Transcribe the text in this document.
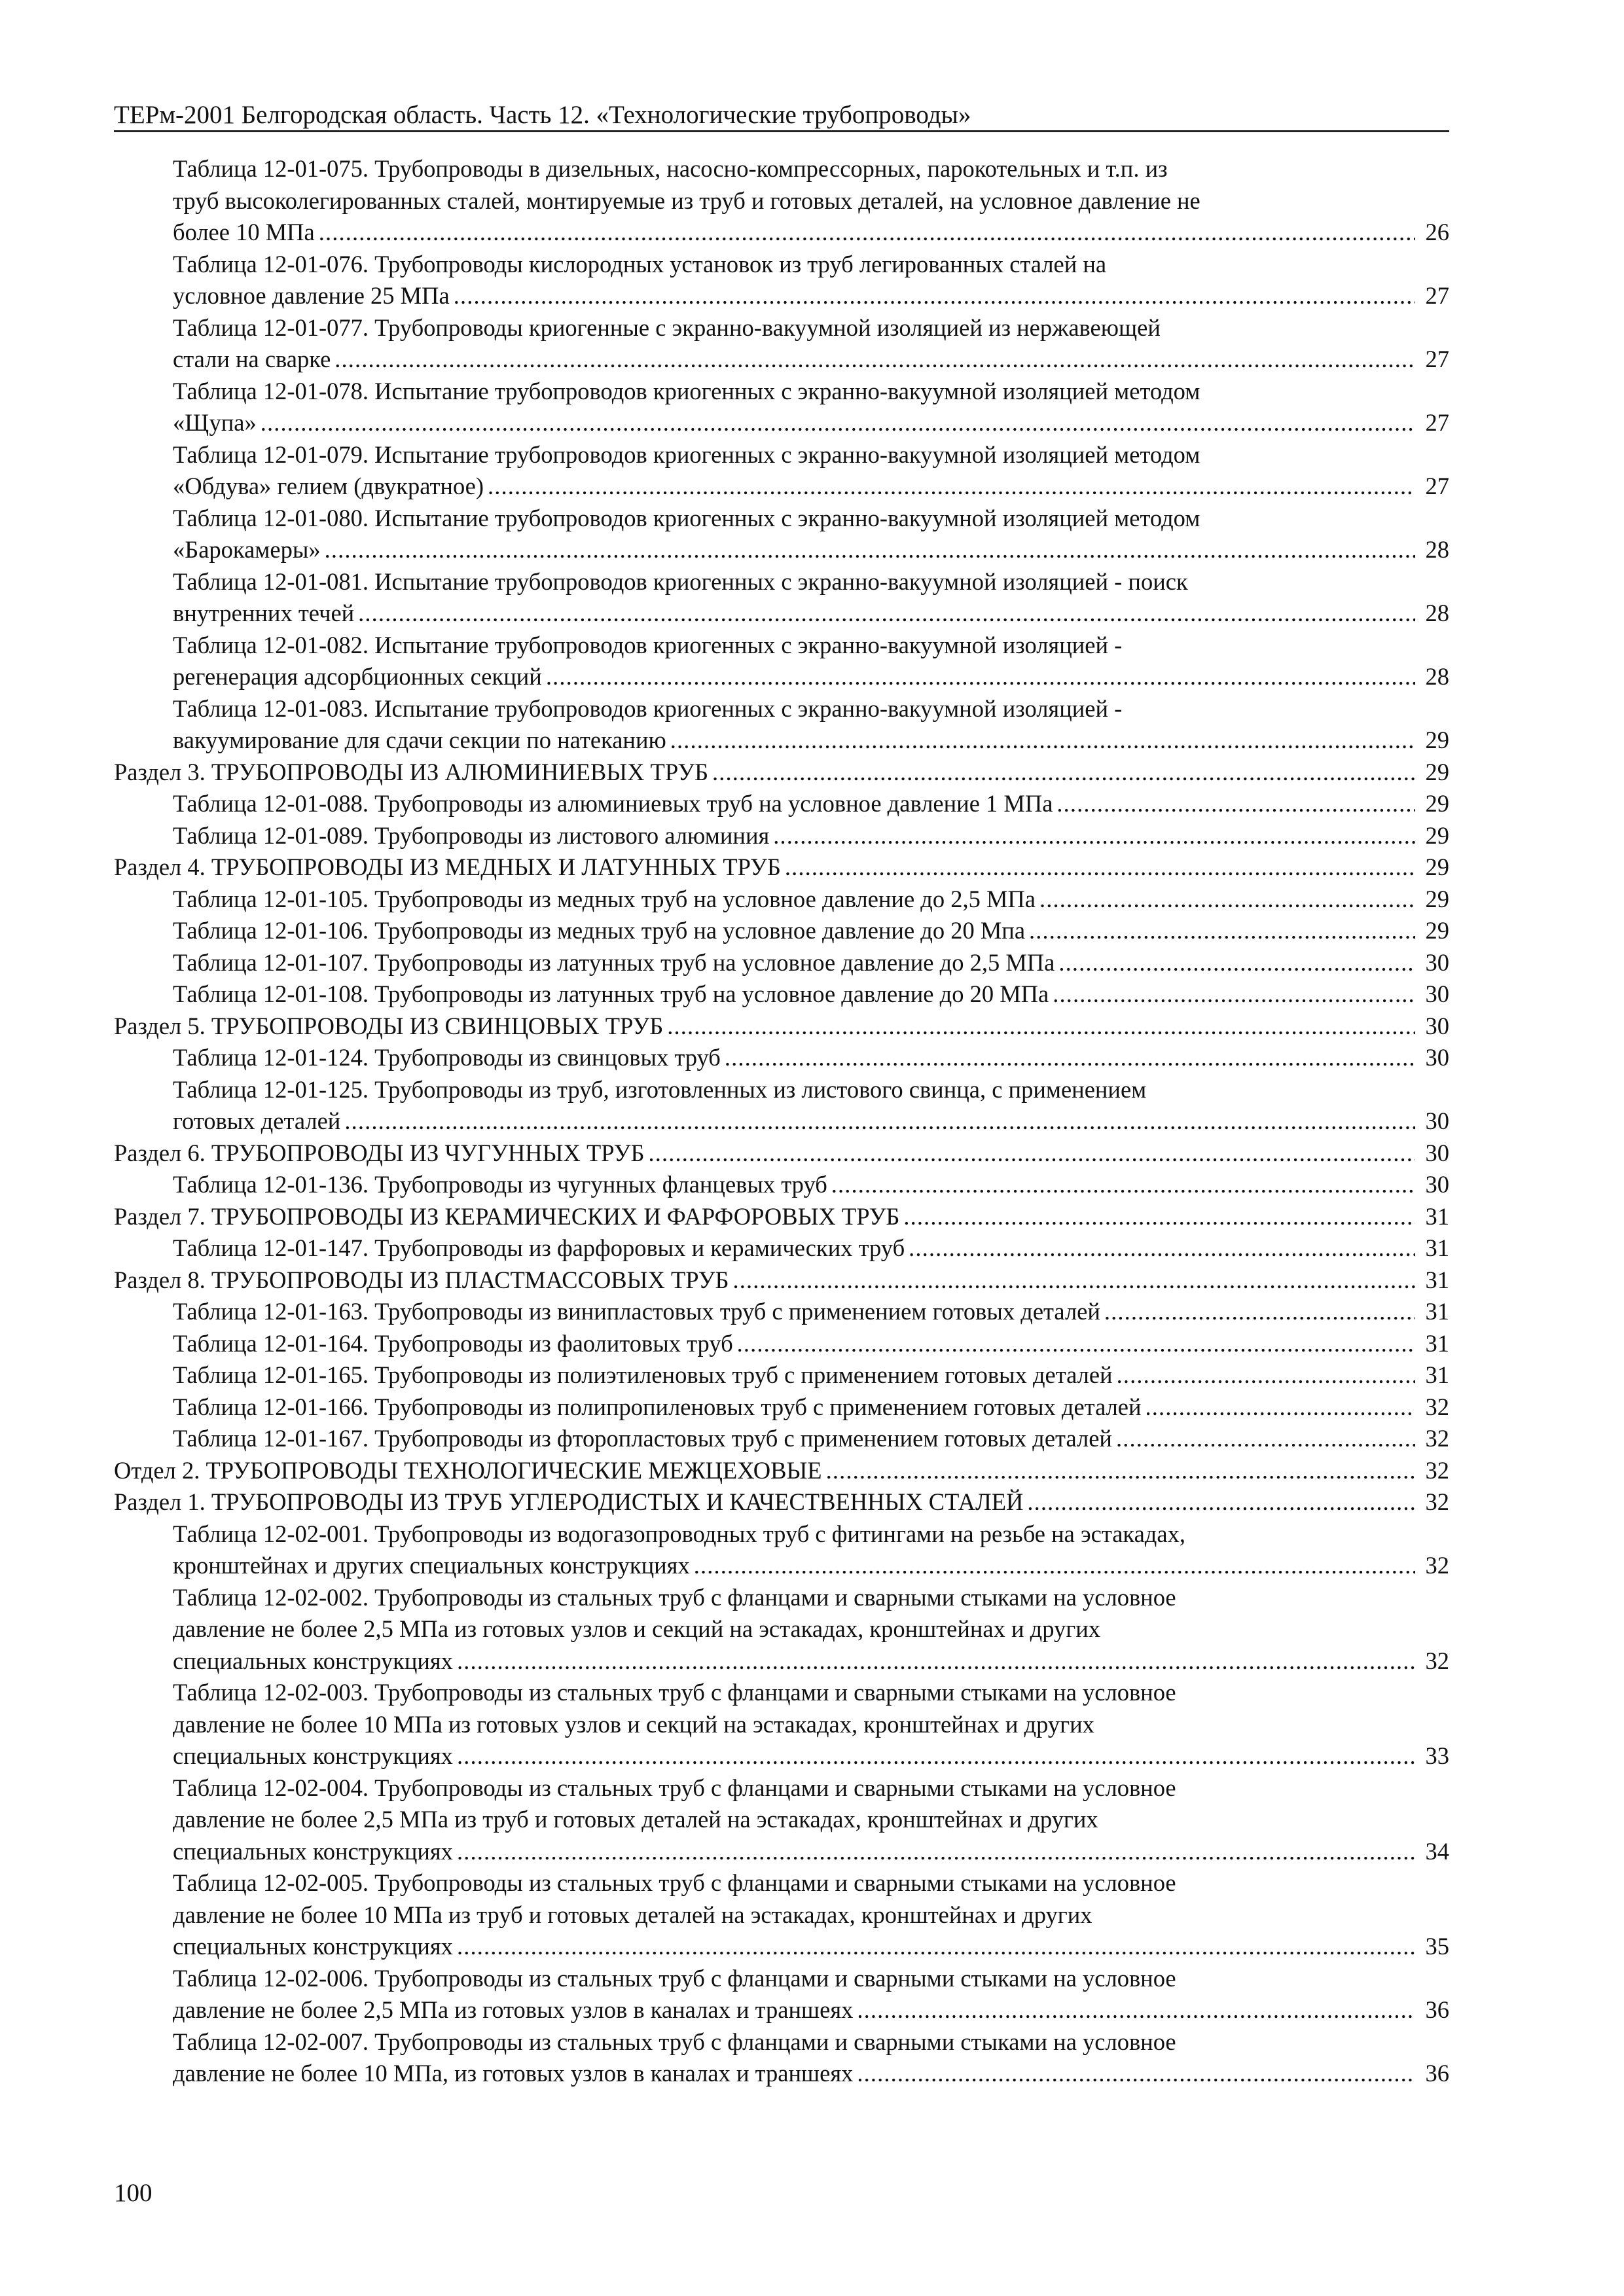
ТЕРм-2001 Белгородская область. Часть 12. «Технологические трубопроводы»
Таблица 12-01-075. Трубопроводы в дизельных, насосно-компрессорных, парокотельных и т.п. из
труб высоколегированных сталей, монтируемые из труб и готовых деталей, на условное давление не
более 10 МПа . . .	26
Таблица 12-01-076. Трубопроводы кислородных установок из труб легированных сталей на
условное давление 25 МПа . . .	27
Таблица 12-01-077. Трубопроводы криогенные с экранно-вакуумной изоляцией из нержавеющей
стали на сварке . . .	27
Таблица 12-01-078. Испытание трубопроводов криогенных с экранно-вакуумной изоляцией методом
«Щупа» . . .	27
Таблица 12-01-079. Испытание трубопроводов криогенных с экранно-вакуумной изоляцией методом
«Обдува» гелием (двукратное) . . .	27
Таблица 12-01-080. Испытание трубопроводов криогенных с экранно-вакуумной изоляцией методом
«Барокамеры» . . .	28
Таблица 12-01-081. Испытание трубопроводов криогенных с экранно-вакуумной изоляцией - поиск
внутренних течей . . .	28
Таблица 12-01-082. Испытание трубопроводов криогенных с экранно-вакуумной изоляцией -
регенерация адсорбционных секций . . .	28
Таблица 12-01-083. Испытание трубопроводов криогенных с экранно-вакуумной изоляцией -
вакуумирование для сдачи секции по натеканию . . .	29
Раздел 3. ТРУБОПРОВОДЫ ИЗ АЛЮМИНИЕВЫХ ТРУБ . . .	29
Таблица 12-01-088. Трубопроводы из алюминиевых труб на условное давление 1 МПа . . .	29
Таблица 12-01-089. Трубопроводы из листового алюминия . . .	29
Раздел 4. ТРУБОПРОВОДЫ ИЗ МЕДНЫХ И ЛАТУННЫХ ТРУБ . . .	29
Таблица 12-01-105. Трубопроводы из медных труб на условное давление до 2,5 МПа . . .	29
Таблица 12-01-106. Трубопроводы из медных труб на условное давление до 20 Мпа . . .	29
Таблица 12-01-107. Трубопроводы из латунных труб на условное давление до 2,5 МПа . . .	30
Таблица 12-01-108. Трубопроводы из латунных труб на условное давление до 20 МПа . . .	30
Раздел 5. ТРУБОПРОВОДЫ ИЗ СВИНЦОВЫХ ТРУБ . . .	30
Таблица 12-01-124. Трубопроводы из свинцовых труб . . .	30
Таблица 12-01-125. Трубопроводы из труб, изготовленных из листового свинца, с применением
готовых деталей . . .	30
Раздел 6. ТРУБОПРОВОДЫ ИЗ ЧУГУННЫХ ТРУБ . . .	30
Таблица 12-01-136. Трубопроводы из чугунных фланцевых труб . . .	30
Раздел 7. ТРУБОПРОВОДЫ ИЗ КЕРАМИЧЕСКИХ И ФАРФОРОВЫХ ТРУБ . . .	31
Таблица 12-01-147. Трубопроводы из фарфоровых и керамических труб . . .	31
Раздел 8. ТРУБОПРОВОДЫ ИЗ ПЛАСТМАССОВЫХ ТРУБ . . .	31
Таблица 12-01-163. Трубопроводы из винипластовых труб с применением готовых деталей . . .	31
Таблица 12-01-164. Трубопроводы из фаолитовых труб . . .	31
Таблица 12-01-165. Трубопроводы из полиэтиленовых труб с применением готовых деталей . . .	31
Таблица 12-01-166. Трубопроводы из полипропиленовых труб с применением готовых деталей . . .	32
Таблица 12-01-167. Трубопроводы из фторопластовых труб с применением готовых деталей . . .	32
Отдел 2. ТРУБОПРОВОДЫ ТЕХНОЛОГИЧЕСКИЕ МЕЖЦЕХОВЫЕ . . .	32
Раздел 1. ТРУБОПРОВОДЫ ИЗ ТРУБ УГЛЕРОДИСТЫХ И КАЧЕСТВЕННЫХ СТАЛЕЙ . . .	32
Таблица 12-02-001. Трубопроводы из водогазопроводных труб с фитингами на резьбе на эстакадах,
кронштейнах и других специальных конструкциях . . .	32
Таблица 12-02-002. Трубопроводы из стальных труб с фланцами и сварными стыками на условное
давление не более 2,5 МПа из готовых узлов и секций на эстакадах, кронштейнах и других
специальных конструкциях . . .	32
Таблица 12-02-003. Трубопроводы из стальных труб с фланцами и сварными стыками на условное
давление не более 10 МПа из готовых узлов и секций на эстакадах, кронштейнах и других
специальных конструкциях . . .	33
Таблица 12-02-004. Трубопроводы из стальных труб с фланцами и сварными стыками на условное
давление не более 2,5 МПа из труб и готовых деталей на эстакадах, кронштейнах и других
специальных конструкциях . . .	34
Таблица 12-02-005. Трубопроводы из стальных труб с фланцами и сварными стыками на условное
давление не более 10 МПа из труб и готовых деталей на эстакадах, кронштейнах и других
специальных конструкциях . . .	35
Таблица 12-02-006. Трубопроводы из стальных труб с фланцами и сварными стыками на условное
давление не более 2,5 МПа из готовых узлов в каналах и траншеях . . .	36
Таблица 12-02-007. Трубопроводы из стальных труб с фланцами и сварными стыками на условное
давление не более 10 МПа, из готовых узлов в каналах и траншеях . . .	36
100
